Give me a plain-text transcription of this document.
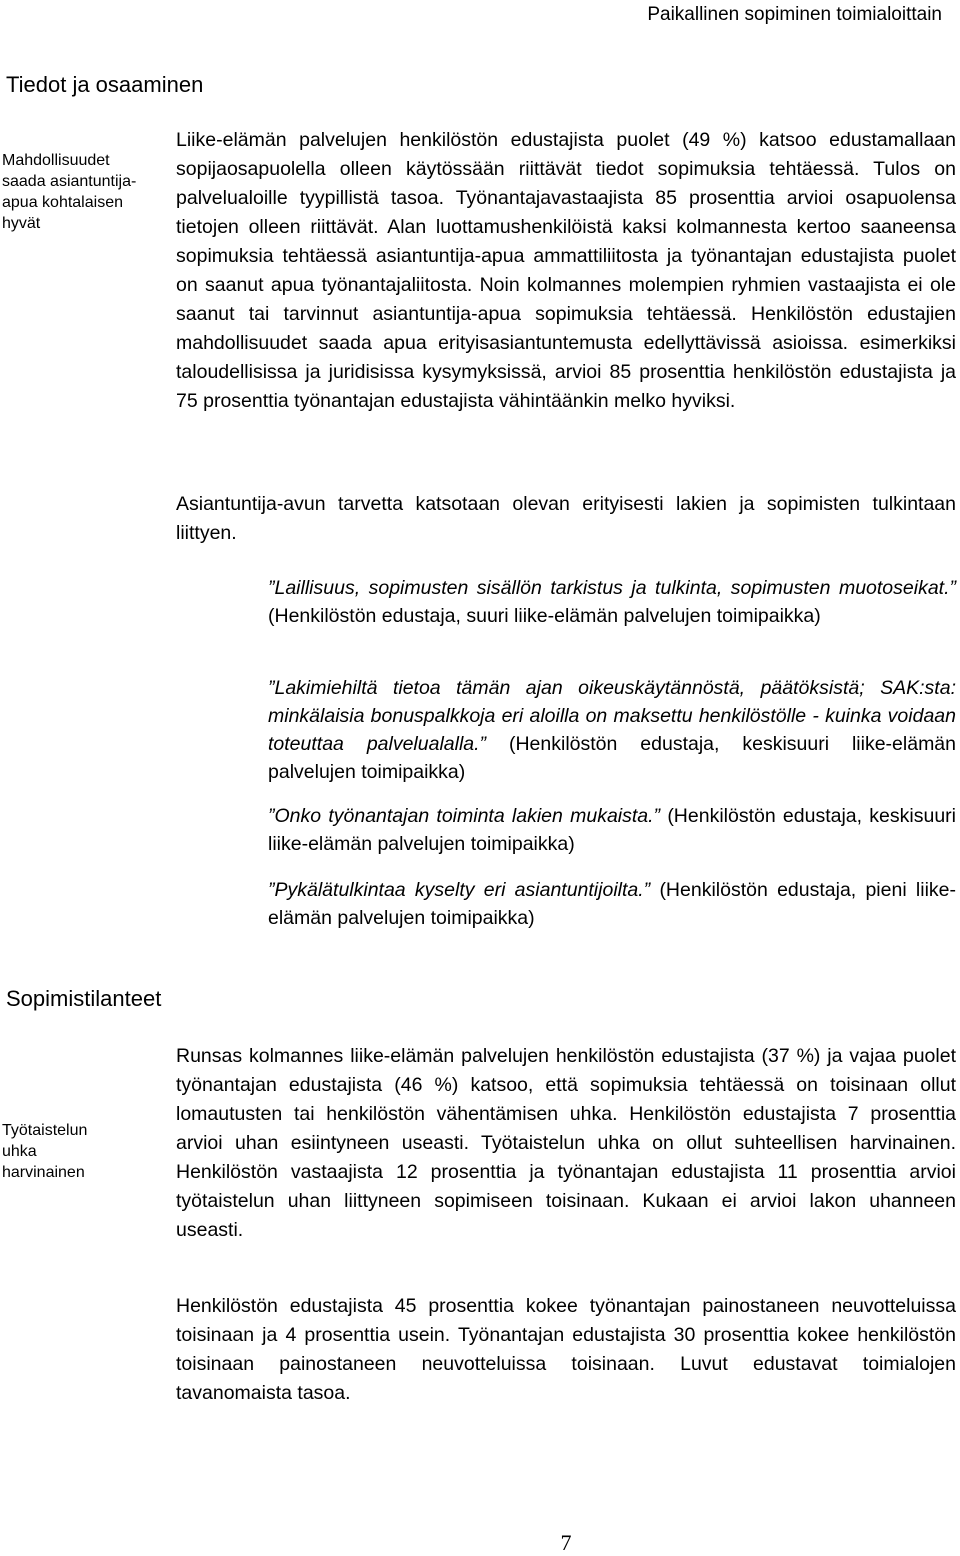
Paikallinen sopiminen toimialoittain
Tiedot ja osaaminen
Mahdollisuudet saada asiantuntija-apua kohtalaisen hyvät
Liike-elämän palvelujen henkilöstön edustajista puolet (49 %) katsoo edustamallaan sopijaosapuolella olleen käytössään riittävät tiedot sopimuksia tehtäessä. Tulos on palvelualoille tyypillistä tasoa. Työnantajavastaajista 85 prosenttia arvioi osapuolensa tietojen olleen riittävät. Alan luottamushenkilöistä kaksi kolmannesta kertoo saaneensa sopimuksia tehtäessä asiantuntija-apua ammattiliitosta ja työnantajan edustajista puolet on saanut apua työnantajaliitosta. Noin kolmannes molempien ryhmien vastaajista ei ole saanut tai tarvinnut asiantuntija-apua sopimuksia tehtäessä. Henkilöstön edustajien mahdollisuudet saada apua erityisasiantuntemusta edellyttävissä asioissa. esimerkiksi taloudellisissa ja juridisissa kysymyksissä, arvioi 85 prosenttia henkilöstön edustajista ja 75 prosenttia työnantajan edustajista vähintäänkin melko hyviksi.
Asiantuntija-avun tarvetta katsotaan olevan erityisesti lakien ja sopimisten tulkintaan liittyen.
”Laillisuus, sopimusten sisällön tarkistus ja tulkinta, sopimusten muotoseikat.” (Henkilöstön edustaja, suuri liike-elämän palvelujen toimipaikka)
”Lakimiehiltä tietoa tämän ajan oikeuskäytännöstä, päätöksistä; SAK:sta: minkälaisia bonuspalkkoja eri aloilla on maksettu henkilöstölle - kuinka voidaan toteuttaa palvelualalla.” (Henkilöstön edustaja, keskisuuri liike-elämän palvelujen toimipaikka)
”Onko työnantajan toiminta lakien mukaista.” (Henkilöstön edustaja, keskisuuri liike-elämän palvelujen toimipaikka)
”Pykälätulkintaa kyselty eri asiantuntijoilta.” (Henkilöstön edustaja, pieni liike-elämän palvelujen toimipaikka)
Sopimistilanteet
Työtaistelun uhka harvinainen
Runsas kolmannes liike-elämän palvelujen henkilöstön edustajista (37 %) ja vajaa puolet työnantajan edustajista (46 %) katsoo, että sopimuksia tehtäessä on toisinaan ollut lomautusten tai henkilöstön vähentämisen uhka. Henkilöstön edustajista 7 prosenttia arvioi uhan esiintyneen useasti. Työtaistelun uhka on ollut suhteellisen harvinainen. Henkilöstön vastaajista 12 prosenttia ja työnantajan edustajista 11 prosenttia arvioi työtaistelun uhan liittyneen sopimiseen toisinaan. Kukaan ei arvioi lakon uhanneen useasti.
Henkilöstön edustajista 45 prosenttia kokee työnantajan painostaneen neuvotteluissa toisinaan ja 4 prosenttia usein. Työnantajan edustajista 30 prosenttia kokee henkilöstön toisinaan painostaneen neuvotteluissa toisinaan. Luvut edustavat toimialojen tavanomaista tasoa.
7
